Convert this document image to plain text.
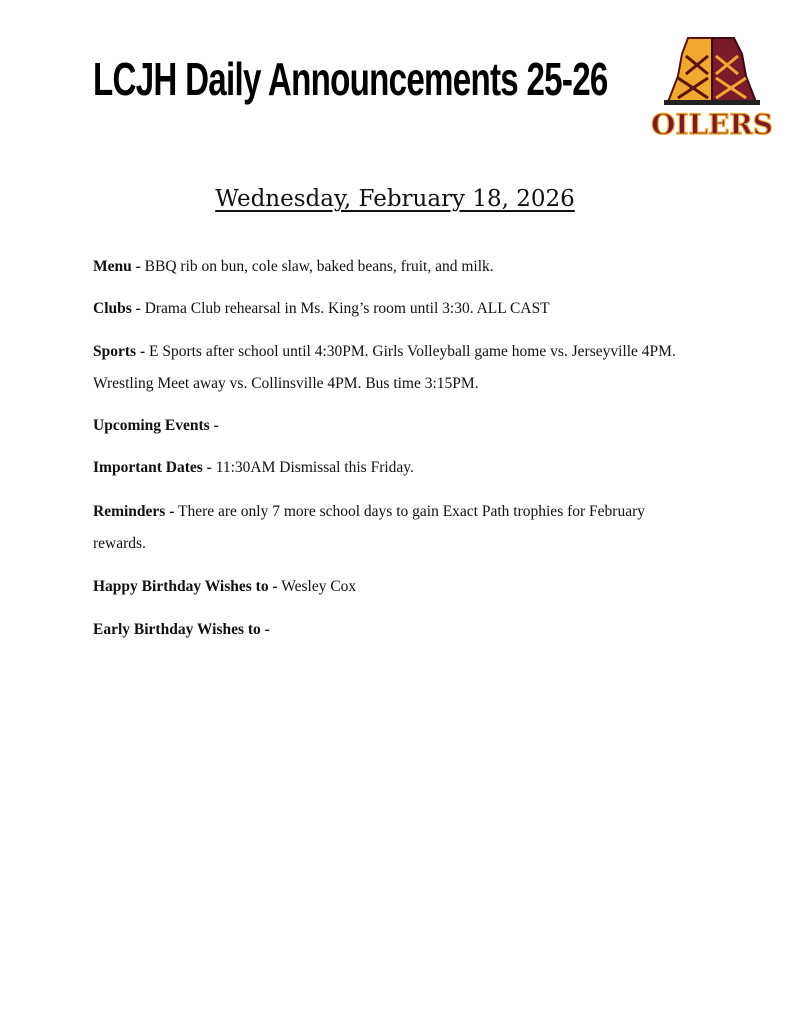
LCJH Daily Announcements 25-26
OILERS
Wednesday, February 18, 2026
Menu - BBQ rib on bun, cole slaw, baked beans, fruit, and milk.
Clubs - Drama Club rehearsal in Ms. King’s room until 3:30. ALL CAST
Sports - E Sports after school until 4:30PM. Girls Volleyball game home vs. Jerseyville 4PM.
Wrestling Meet away vs. Collinsville 4PM. Bus time 3:15PM.
Upcoming Events -
Important Dates - 11:30AM Dismissal this Friday.
Reminders - There are only 7 more school days to gain Exact Path trophies for February
rewards.
Happy Birthday Wishes to - Wesley Cox
Early Birthday Wishes to -
